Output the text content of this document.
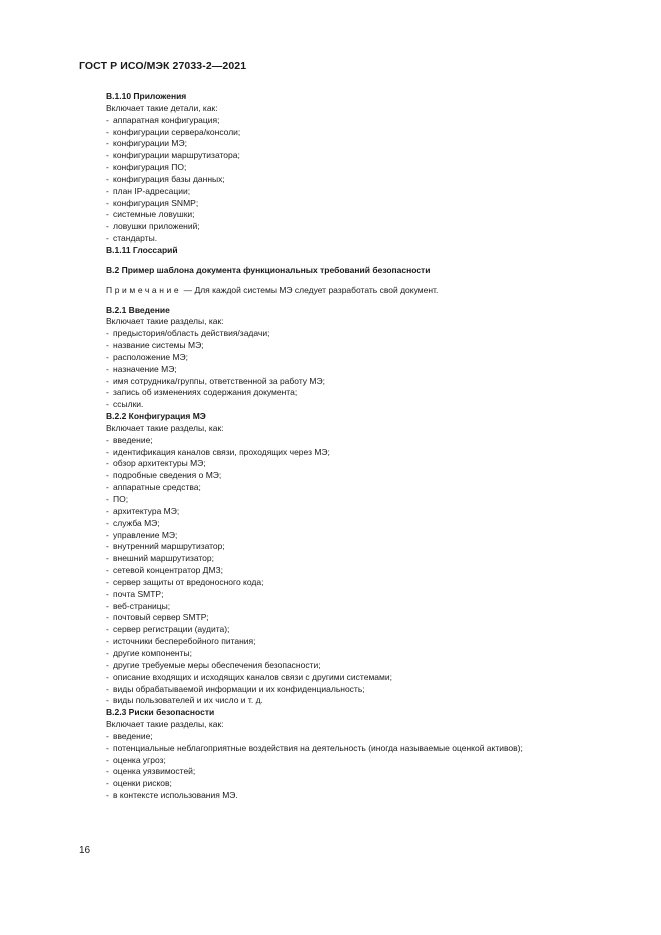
ГОСТ Р ИСО/МЭК 27033-2—2021

B.1.10 Приложения

Включает такие детали, как:

- аппаратная конфигурация;

- конфигурации сервера/консоли;

- конфигурации МЭ;

- конфигурации маршрутизатора;

- конфигурация ПО;

- конфигурация базы данных;

- план IP-адресации;

- конфигурация SNMP;

- системные ловушки;

- ловушки приложений;

- стандарты.

B.1.11 Глоссарий

B.2 Пример шаблона документа функциональных требований безопасности

Примечание — Для каждой системы МЭ следует разработать свой документ.

B.2.1 Введение

Включает такие разделы, как:

- предыстория/область действия/задачи;

- название системы МЭ;

- расположение МЭ;

- назначение МЭ;

- имя сотрудника/группы, ответственной за работу МЭ;

- запись об изменениях содержания документа;

- ссылки.

B.2.2 Конфигурация МЭ

Включает такие разделы, как:

- введение;

- идентификация каналов связи, проходящих через МЭ;

- обзор архитектуры МЭ;

- подробные сведения о МЭ;

- аппаратные средства;

- ПО;

- архитектура МЭ;

- служба МЭ;

- управление МЭ;

- внутренний маршрутизатор;

- внешний маршрутизатор;

- сетевой концентратор ДМЗ;

- сервер защиты от вредоносного кода;

- почта SMTP;

- веб-страницы;

- почтовый сервер SMTP;

- сервер регистрации (аудита);

- источники бесперебойного питания;

- другие компоненты;

- другие требуемые меры обеспечения безопасности;

- описание входящих и исходящих каналов связи с другими системами;

- виды обрабатываемой информации и их конфиденциальность;

- виды пользователей и их число и т. д.

B.2.3 Риски безопасности

Включает такие разделы, как:

- введение;

- потенциальные неблагоприятные воздействия на деятельность (иногда называемые оценкой активов);

- оценка угроз;

- оценка уязвимостей;

- оценки рисков;

- в контексте использования МЭ.

16
